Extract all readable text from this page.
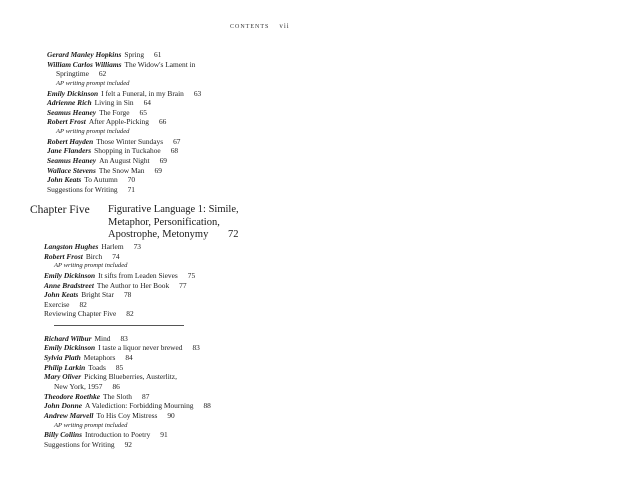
CONTENTS vii
Gerard Manley Hopkins Spring 61
William Carlos Williams The Widow's Lament in
Springtime 62
AP writing prompt included
Emily Dickinson I felt a Funeral, in my Brain 63
Adrienne Rich Living in Sin 64
Seamus Heaney The Forge 65
Robert Frost After Apple-Picking 66
AP writing prompt included
Robert Hayden Those Winter Sundays 67
Jane Flanders Shopping in Tuckahoe 68
Seamus Heaney An August Night 69
Wallace Stevens The Snow Man 69
John Keats To Autumn 70
Suggestions for Writing 71
Chapter Five Figurative Language 1: Simile,
Metaphor, Personification,
Apostrophe, Metonymy	72
Langston Hughes Harlem 73
Robert Frost Birch 74
AP writing prompt included
Emily Dickinson It sifts from Leaden Sieves 75
Anne Bradstreet The Author to Her Book 77
John Keats Bright Star 78
Exercise 82
Reviewing Chapter Five 82
Richard Wilbur Mind 83
Emily Dickinson I taste a liquor never brewed 83
Sylvia Plath Metaphors 84
Philip Larkin Toads 85
Mary Oliver Picking Blueberries, Austerlitz,
New York, 1957 86
Theodore Roethke The Sloth 87
John Donne A Valediction: Forbidding Mourning 88
Andrew Marvell To His Coy Mistress 90
AP writing prompt included
Billy Collins Introduction to Poetry 91
Suggestions for Writing 92
